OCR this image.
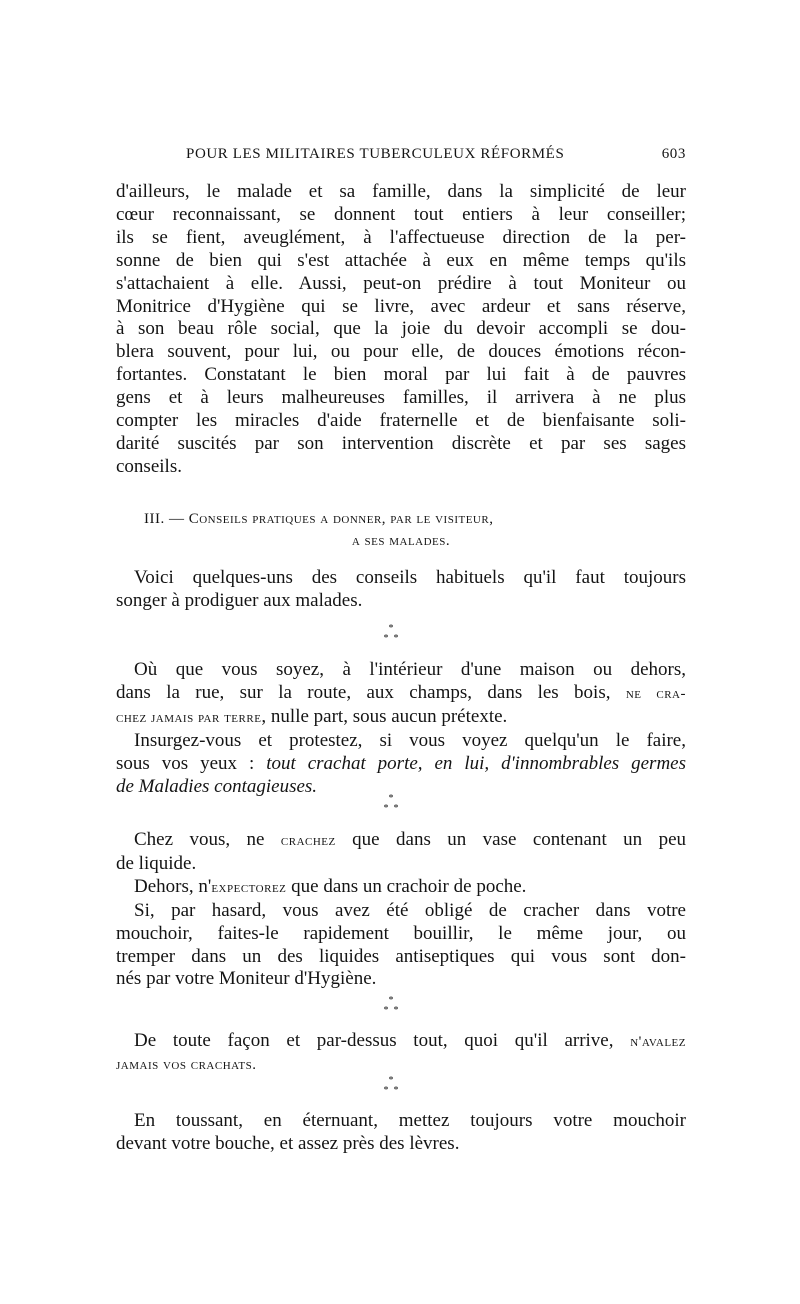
POUR LES MILITAIRES TUBERCULEUX RÉFORMÉS	603
d'ailleurs, le malade et sa famille, dans la simplicité de leur
cœur reconnaissant, se donnent tout entiers à leur conseiller;
ils se fient, aveuglément, à l'affectueuse direction de la per-
sonne de bien qui s'est attachée à eux en même temps qu'ils
s'attachaient à elle. Aussi, peut-on prédire à tout Moniteur ou
Monitrice d'Hygiène qui se livre, avec ardeur et sans réserve,
à son beau rôle social, que la joie du devoir accompli se dou-
blera souvent, pour lui, ou pour elle, de douces émotions récon-
fortantes. Constatant le bien moral par lui fait à de pauvres
gens et à leurs malheureuses familles, il arrivera à ne plus
compter les miracles d'aide fraternelle et de bienfaisante soli-
darité suscités par son intervention discrète et par ses sages
conseils.
III. — Conseils pratiques a donner, par le visiteur,
a ses malades.
Voici quelques-uns des conseils habituels qu'il faut toujours
songer à prodiguer aux malades.
*
*  *
Où que vous soyez, à l'intérieur d'une maison ou dehors,
dans la rue, sur la route, aux champs, dans les bois, ne cra-
chez jamais par terre, nulle part, sous aucun prétexte.
Insurgez-vous et protestez, si vous voyez quelqu'un le faire,
sous vos yeux : tout crachat porte, en lui, d'innombrables germes
de Maladies contagieuses.
*
*  *
Chez vous, ne crachez que dans un vase contenant un peu
de liquide.
Dehors, n'expectorez que dans un crachoir de poche.
Si, par hasard, vous avez été obligé de cracher dans votre
mouchoir, faites-le rapidement bouillir, le même jour, ou
tremper dans un des liquides antiseptiques qui vous sont don-
nés par votre Moniteur d'Hygiène.
*
*  *
De toute façon et par-dessus tout, quoi qu'il arrive, n'avalez
jamais vos crachats.
*
*  *
En toussant, en éternuant, mettez toujours votre mouchoir
devant votre bouche, et assez près des lèvres.
